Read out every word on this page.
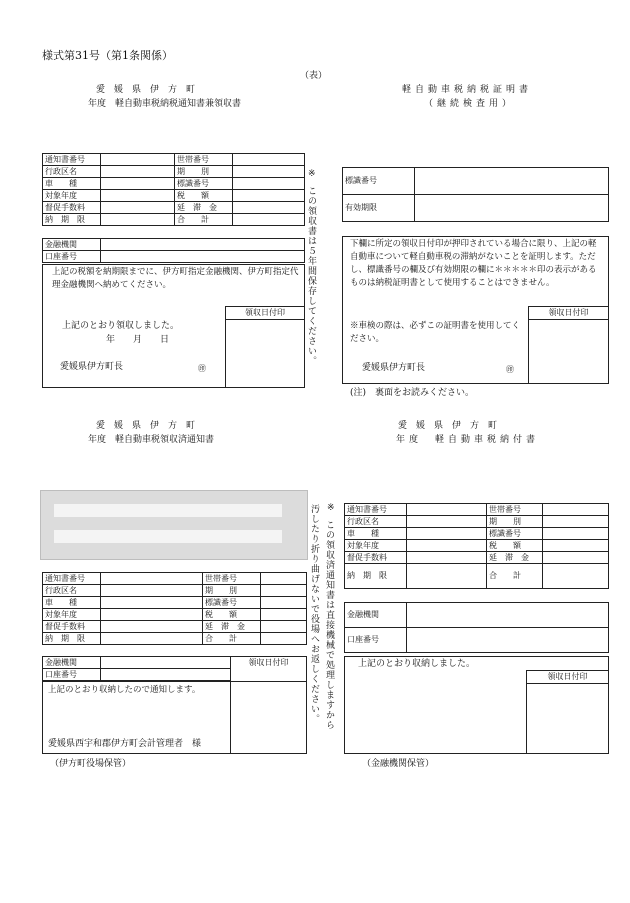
様式第31号（第1条関係）
（表）
愛　媛　県　伊　方　町
年度　軽自動車税納税通知書兼領収書
通知書番号		世帯番号	
行政区名		期　　別	
車　　種		標識番号	
対象年度		税　　額	
督促手数料		延　滞　金	
納　期　限		合　　計	
金融機関	
口座番号	
上記の税額を納期限までに、伊方町指定金融機関、伊方町指定代理金融機関へ納めてください。
領収日付印
上記のとおり領収しました。
年　　月　　日
愛媛県伊方町長	㊞
※
この領収書は５年間保存してください。
軽自動車税納税証明書
（継続検査用）
標識番号	
有効期限	
下欄に所定の領収日付印が押印されている場合に限り、上記の軽自動車について軽自動車税の滞納がないことを証明します。ただし、標識番号の欄及び有効期限の欄に＊＊＊＊＊印の表示があるものは納税証明書として使用することはできません。
領収日付印
※車検の際は、必ずこの証明書を使用してください。
愛媛県伊方町長	㊞
(注)　裏面をお読みください。
愛　媛　県　伊　方　町
年度　軽自動車税領収済通知書
通知書番号		世帯番号	
行政区名		期　　別	
車　　種		標識番号	
対象年度		税　　額	
督促手数料		延　滞　金	
納　期　限		合　　計	
金融機関		領収日付印
口座番号		
上記のとおり収納したので通知します。
愛媛県西宇和郡伊方町会計管理者　様
（伊方町役場保管）
※
この領収済通知書は直接機械で処理しますから
汚したり折り曲げないで役場へお返しください。
愛　媛　県　伊　方　町
年度　軽自動車税納付書
通知書番号		世帯番号	
行政区名		期　　別	
車　　種		標識番号	
対象年度		税　　額	
督促手数料		延　滞　金	
納　期　限		合　　計	
金融機関	
口座番号	
上記のとおり収納しました。
領収日付印
（金融機関保管）
